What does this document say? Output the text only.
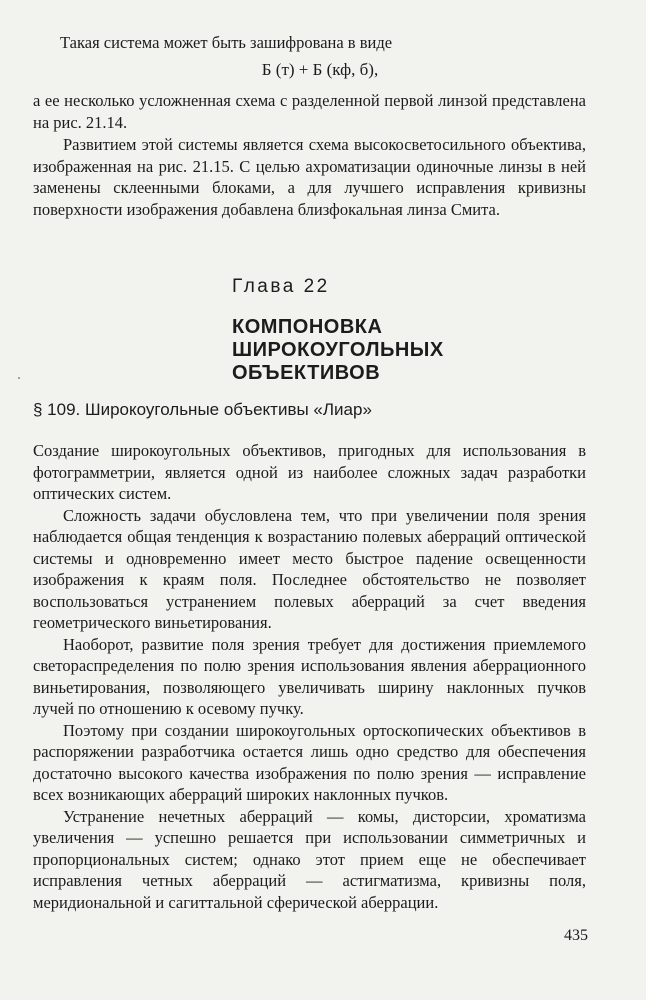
Такая система может быть зашифрована в виде

Б (т) + Б (кф, б),

а ее несколько усложненная схема с разделенной первой линзой представлена на рис. 21.14.

Развитием этой системы является схема высокосветосильного объектива, изображенная на рис. 21.15. С целью ахроматизации одиночные линзы в ней заменены склеенными блоками, а для лучшего исправления кривизны поверхности изображения добавлена близфокальная линза Смита.

Глава 22
КОМПОНОВКА
ШИРОКОУГОЛЬНЫХ
ОБЪЕКТИВОВ
§ 109. Широкоугольные объективы «Лиар»

Создание широкоугольных объективов, пригодных для использования в фотограмметрии, является одной из наиболее сложных задач разработки оптических систем.

Сложность задачи обусловлена тем, что при увеличении поля зрения наблюдается общая тенденция к возрастанию полевых аберраций оптической системы и одновременно имеет место быстрое падение освещенности изображения к краям поля. Последнее обстоятельство не позволяет воспользоваться устранением полевых аберраций за счет введения геометрического виньетирования.

Наоборот, развитие поля зрения требует для достижения приемлемого светораспределения по полю зрения использования явления аберрационного виньетирования, позволяющего увеличивать ширину наклонных пучков лучей по отношению к осевому пучку.

Поэтому при создании широкоугольных ортоскопических объективов в распоряжении разработчика остается лишь одно средство для обеспечения достаточно высокого качества изображения по полю зрения — исправление всех возникающих аберраций широких наклонных пучков.

Устранение нечетных аберраций — комы, дисторсии, хроматизма увеличения — успешно решается при использовании симметричных и пропорциональных систем; однако этот прием еще не обеспечивает исправления четных аберраций — астигматизма, кривизны поля, меридиональной и сагиттальной сферической аберрации.

435
